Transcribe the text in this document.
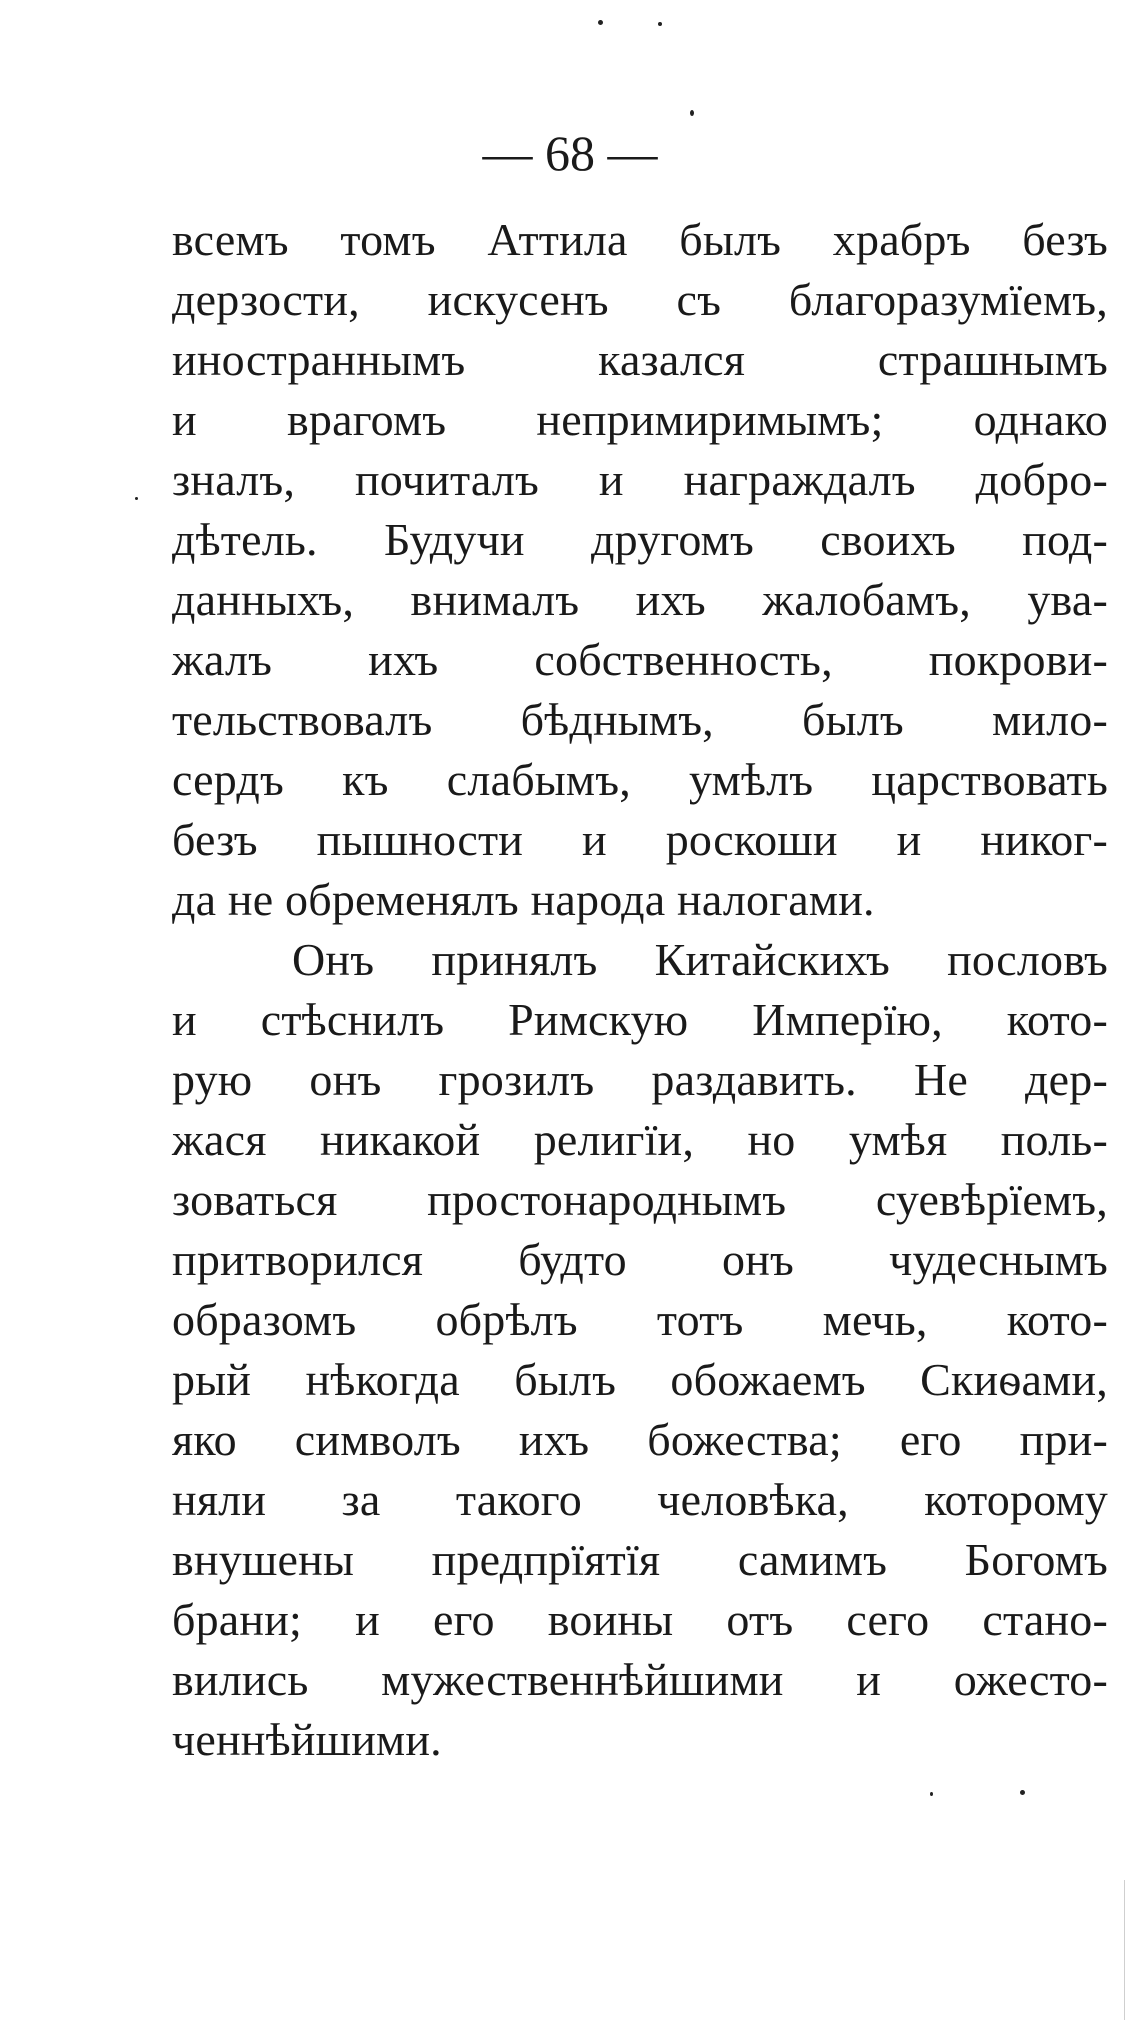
— 68 —
всемъ томъ Аттила былъ храбръ безъ
дерзости, искусенъ съ благоразумїемъ,
иностраннымъ казался страшнымъ
и врагомъ непримиримымъ; однако
зналъ, почиталъ и награждалъ добро-
дѣтель. Будучи другомъ своихъ под-
данныхъ, внималъ ихъ жалобамъ, ува-
жалъ ихъ собственность, покрови-
тельствовалъ бѣднымъ, былъ мило-
сердъ къ слабымъ, умѣлъ царствовать
безъ пышности и роскоши и никог-
да не обременялъ народа налогами.
Онъ принялъ Китайскихъ пословъ
и стѣснилъ Римскую Имперїю, кото-
рую онъ грозилъ раздавить. Не дер-
жася никакой религїи, но умѣя поль-
зоваться простонароднымъ суевѣрїемъ,
притворился будто онъ чудеснымъ
образомъ обрѣлъ тотъ мечь, кото-
рый нѣкогда былъ обожаемъ Скиѳами,
яко символъ ихъ божества; его при-
няли за такого человѣка, которому
внушены предпрїятїя самимъ Богомъ
брани; и его воины отъ сего стано-
вились мужественнѣйшими и ожесто-
ченнѣйшими.
